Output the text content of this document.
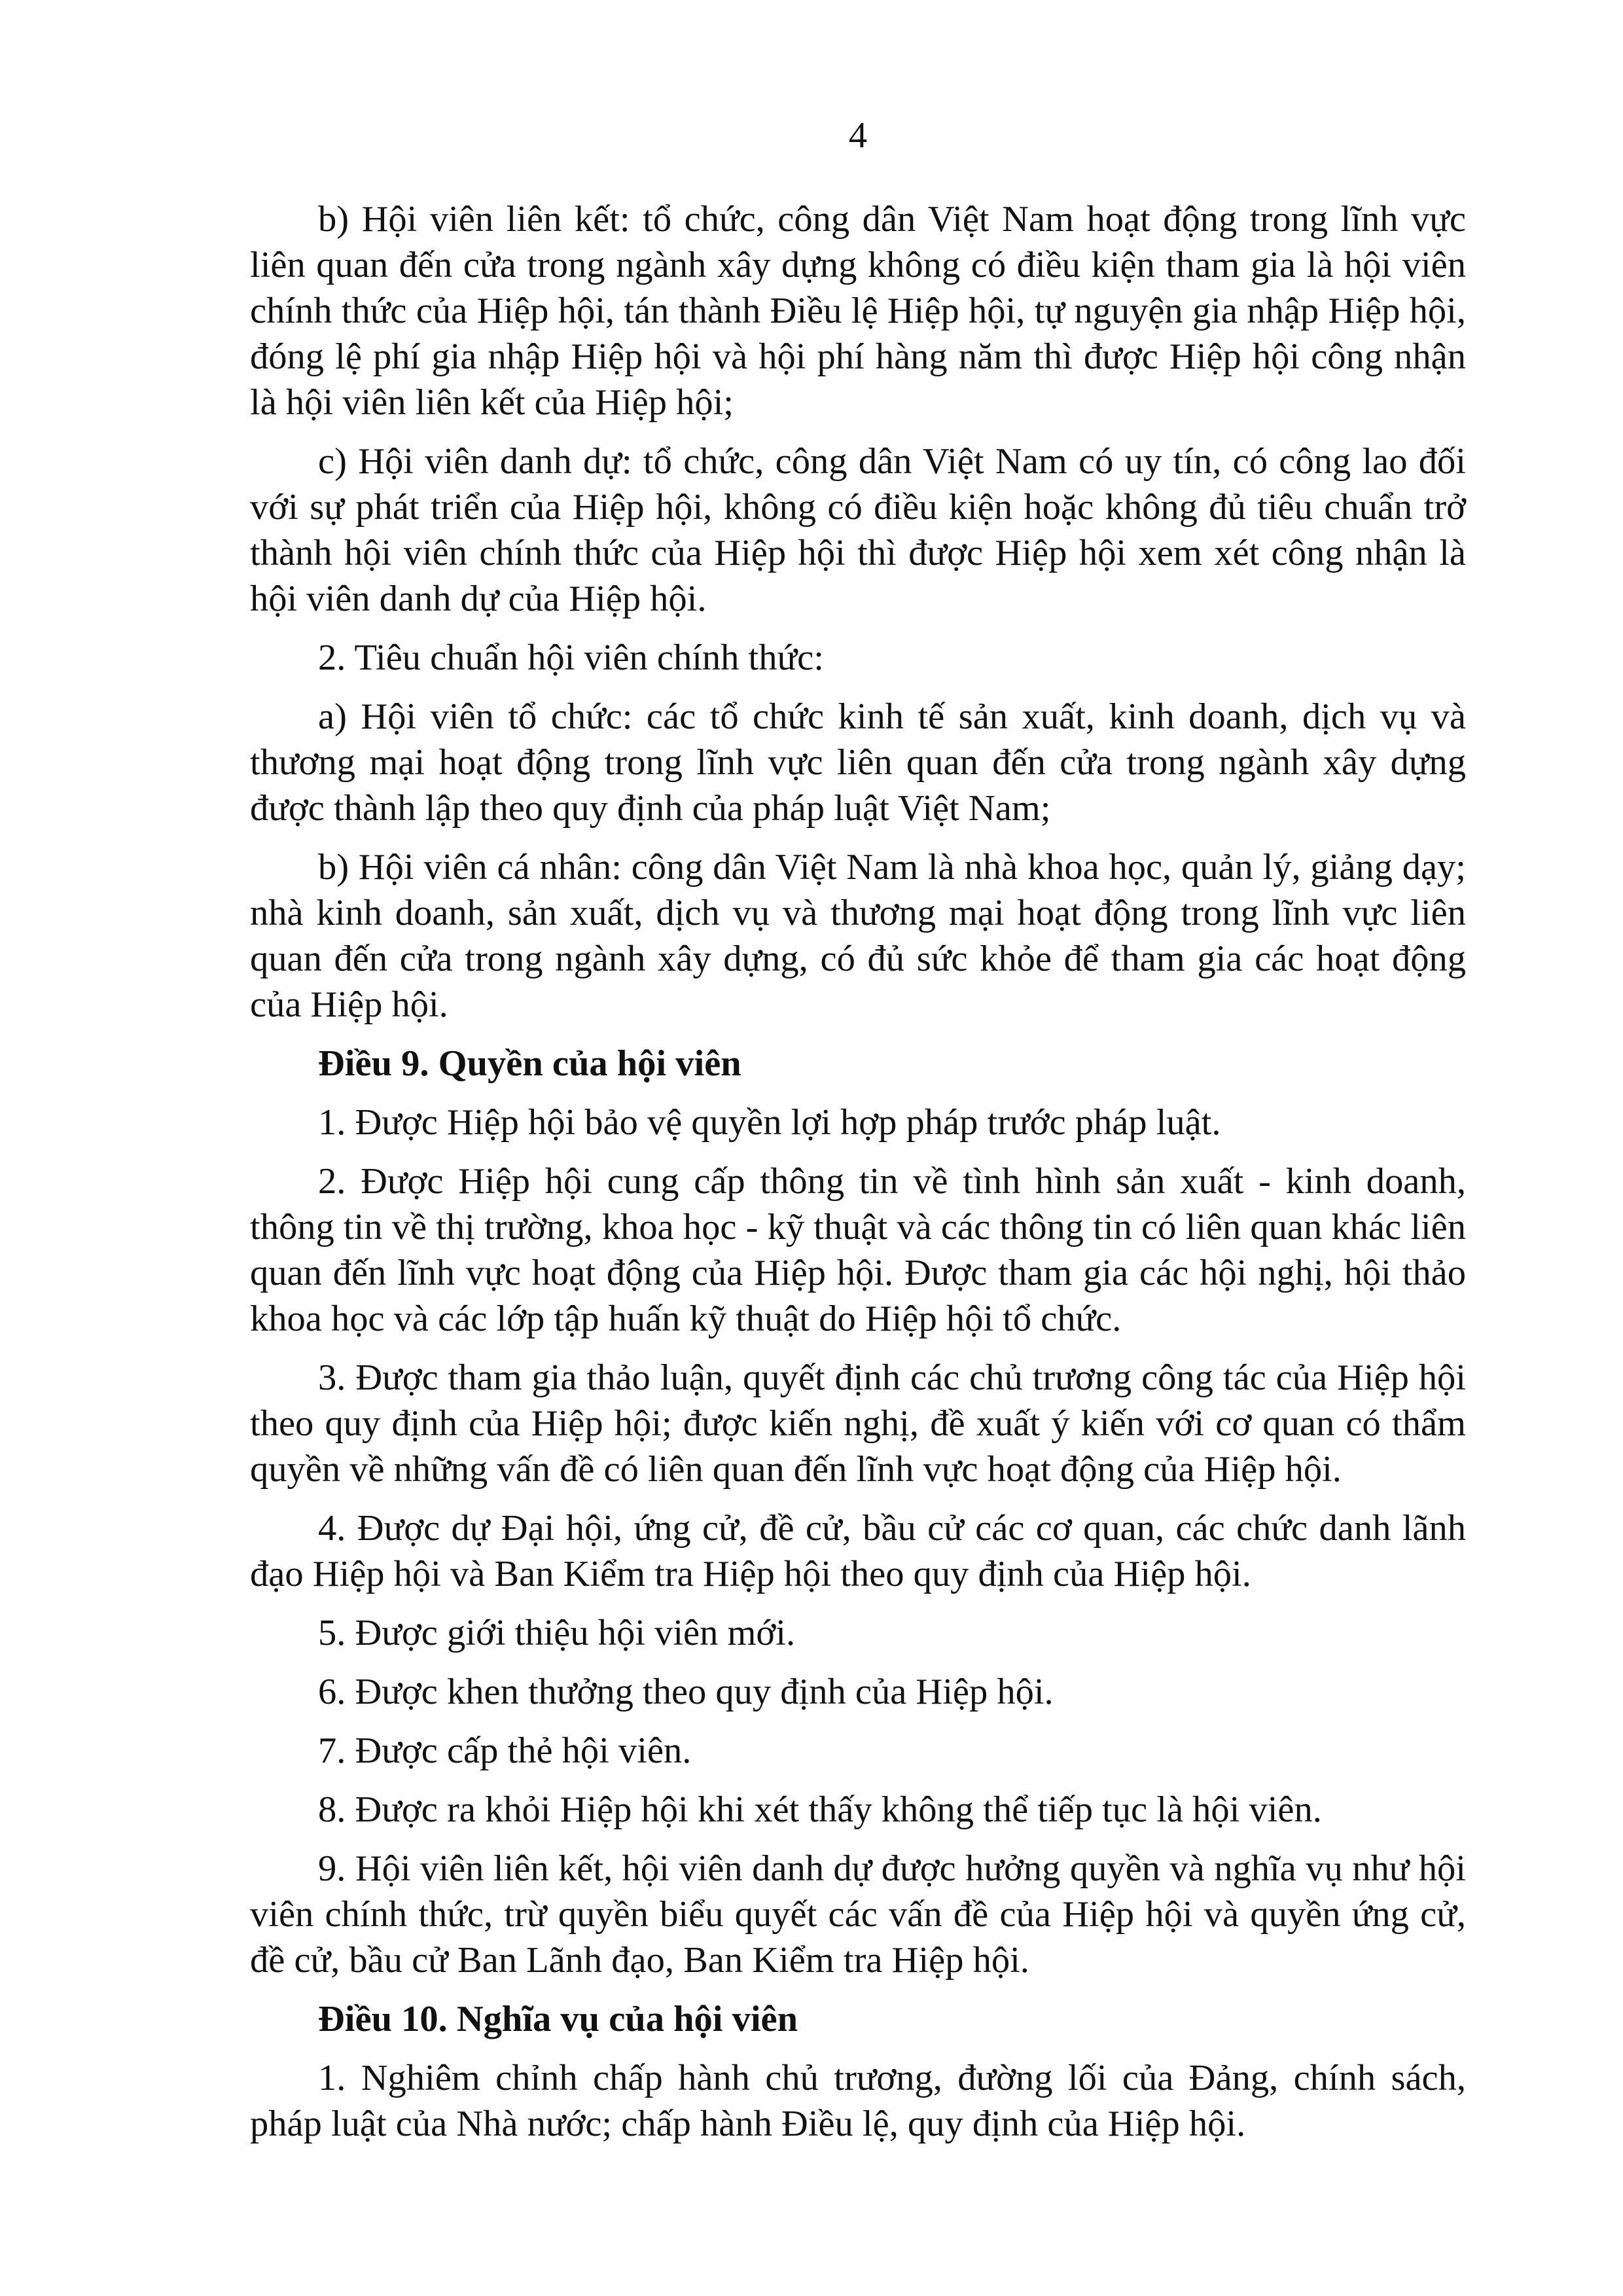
4

b) Hội viên liên kết: tổ chức, công dân Việt Nam hoạt động trong lĩnh vực liên quan đến cửa trong ngành xây dựng không có điều kiện tham gia là hội viên chính thức của Hiệp hội, tán thành Điều lệ Hiệp hội, tự nguyện gia nhập Hiệp hội, đóng lệ phí gia nhập Hiệp hội và hội phí hàng năm thì được Hiệp hội công nhận là hội viên liên kết của Hiệp hội;

c) Hội viên danh dự: tổ chức, công dân Việt Nam có uy tín, có công lao đối với sự phát triển của Hiệp hội, không có điều kiện hoặc không đủ tiêu chuẩn trở thành hội viên chính thức của Hiệp hội thì được Hiệp hội xem xét công nhận là hội viên danh dự của Hiệp hội.

2. Tiêu chuẩn hội viên chính thức:

a) Hội viên tổ chức: các tổ chức kinh tế sản xuất, kinh doanh, dịch vụ và thương mại hoạt động trong lĩnh vực liên quan đến cửa trong ngành xây dựng được thành lập theo quy định của pháp luật Việt Nam;

b) Hội viên cá nhân: công dân Việt Nam là nhà khoa học, quản lý, giảng dạy; nhà kinh doanh, sản xuất, dịch vụ và thương mại hoạt động trong lĩnh vực liên quan đến cửa trong ngành xây dựng, có đủ sức khỏe để tham gia các hoạt động của Hiệp hội.

Điều 9. Quyền của hội viên

1. Được Hiệp hội bảo vệ quyền lợi hợp pháp trước pháp luật.

2. Được Hiệp hội cung cấp thông tin về tình hình sản xuất - kinh doanh, thông tin về thị trường, khoa học - kỹ thuật và các thông tin có liên quan khác liên quan đến lĩnh vực hoạt động của Hiệp hội. Được tham gia các hội nghị, hội thảo khoa học và các lớp tập huấn kỹ thuật do Hiệp hội tổ chức.

3. Được tham gia thảo luận, quyết định các chủ trương công tác của Hiệp hội theo quy định của Hiệp hội; được kiến nghị, đề xuất ý kiến với cơ quan có thẩm quyền về những vấn đề có liên quan đến lĩnh vực hoạt động của Hiệp hội.

4. Được dự Đại hội, ứng cử, đề cử, bầu cử các cơ quan, các chức danh lãnh đạo Hiệp hội và Ban Kiểm tra Hiệp hội theo quy định của Hiệp hội.

5. Được giới thiệu hội viên mới.

6. Được khen thưởng theo quy định của Hiệp hội.

7. Được cấp thẻ hội viên.

8. Được ra khỏi Hiệp hội khi xét thấy không thể tiếp tục là hội viên.

9. Hội viên liên kết, hội viên danh dự được hưởng quyền và nghĩa vụ như hội viên chính thức, trừ quyền biểu quyết các vấn đề của Hiệp hội và quyền ứng cử, đề cử, bầu cử Ban Lãnh đạo, Ban Kiểm tra Hiệp hội.

Điều 10. Nghĩa vụ của hội viên

1. Nghiêm chỉnh chấp hành chủ trương, đường lối của Đảng, chính sách, pháp luật của Nhà nước; chấp hành Điều lệ, quy định của Hiệp hội.
